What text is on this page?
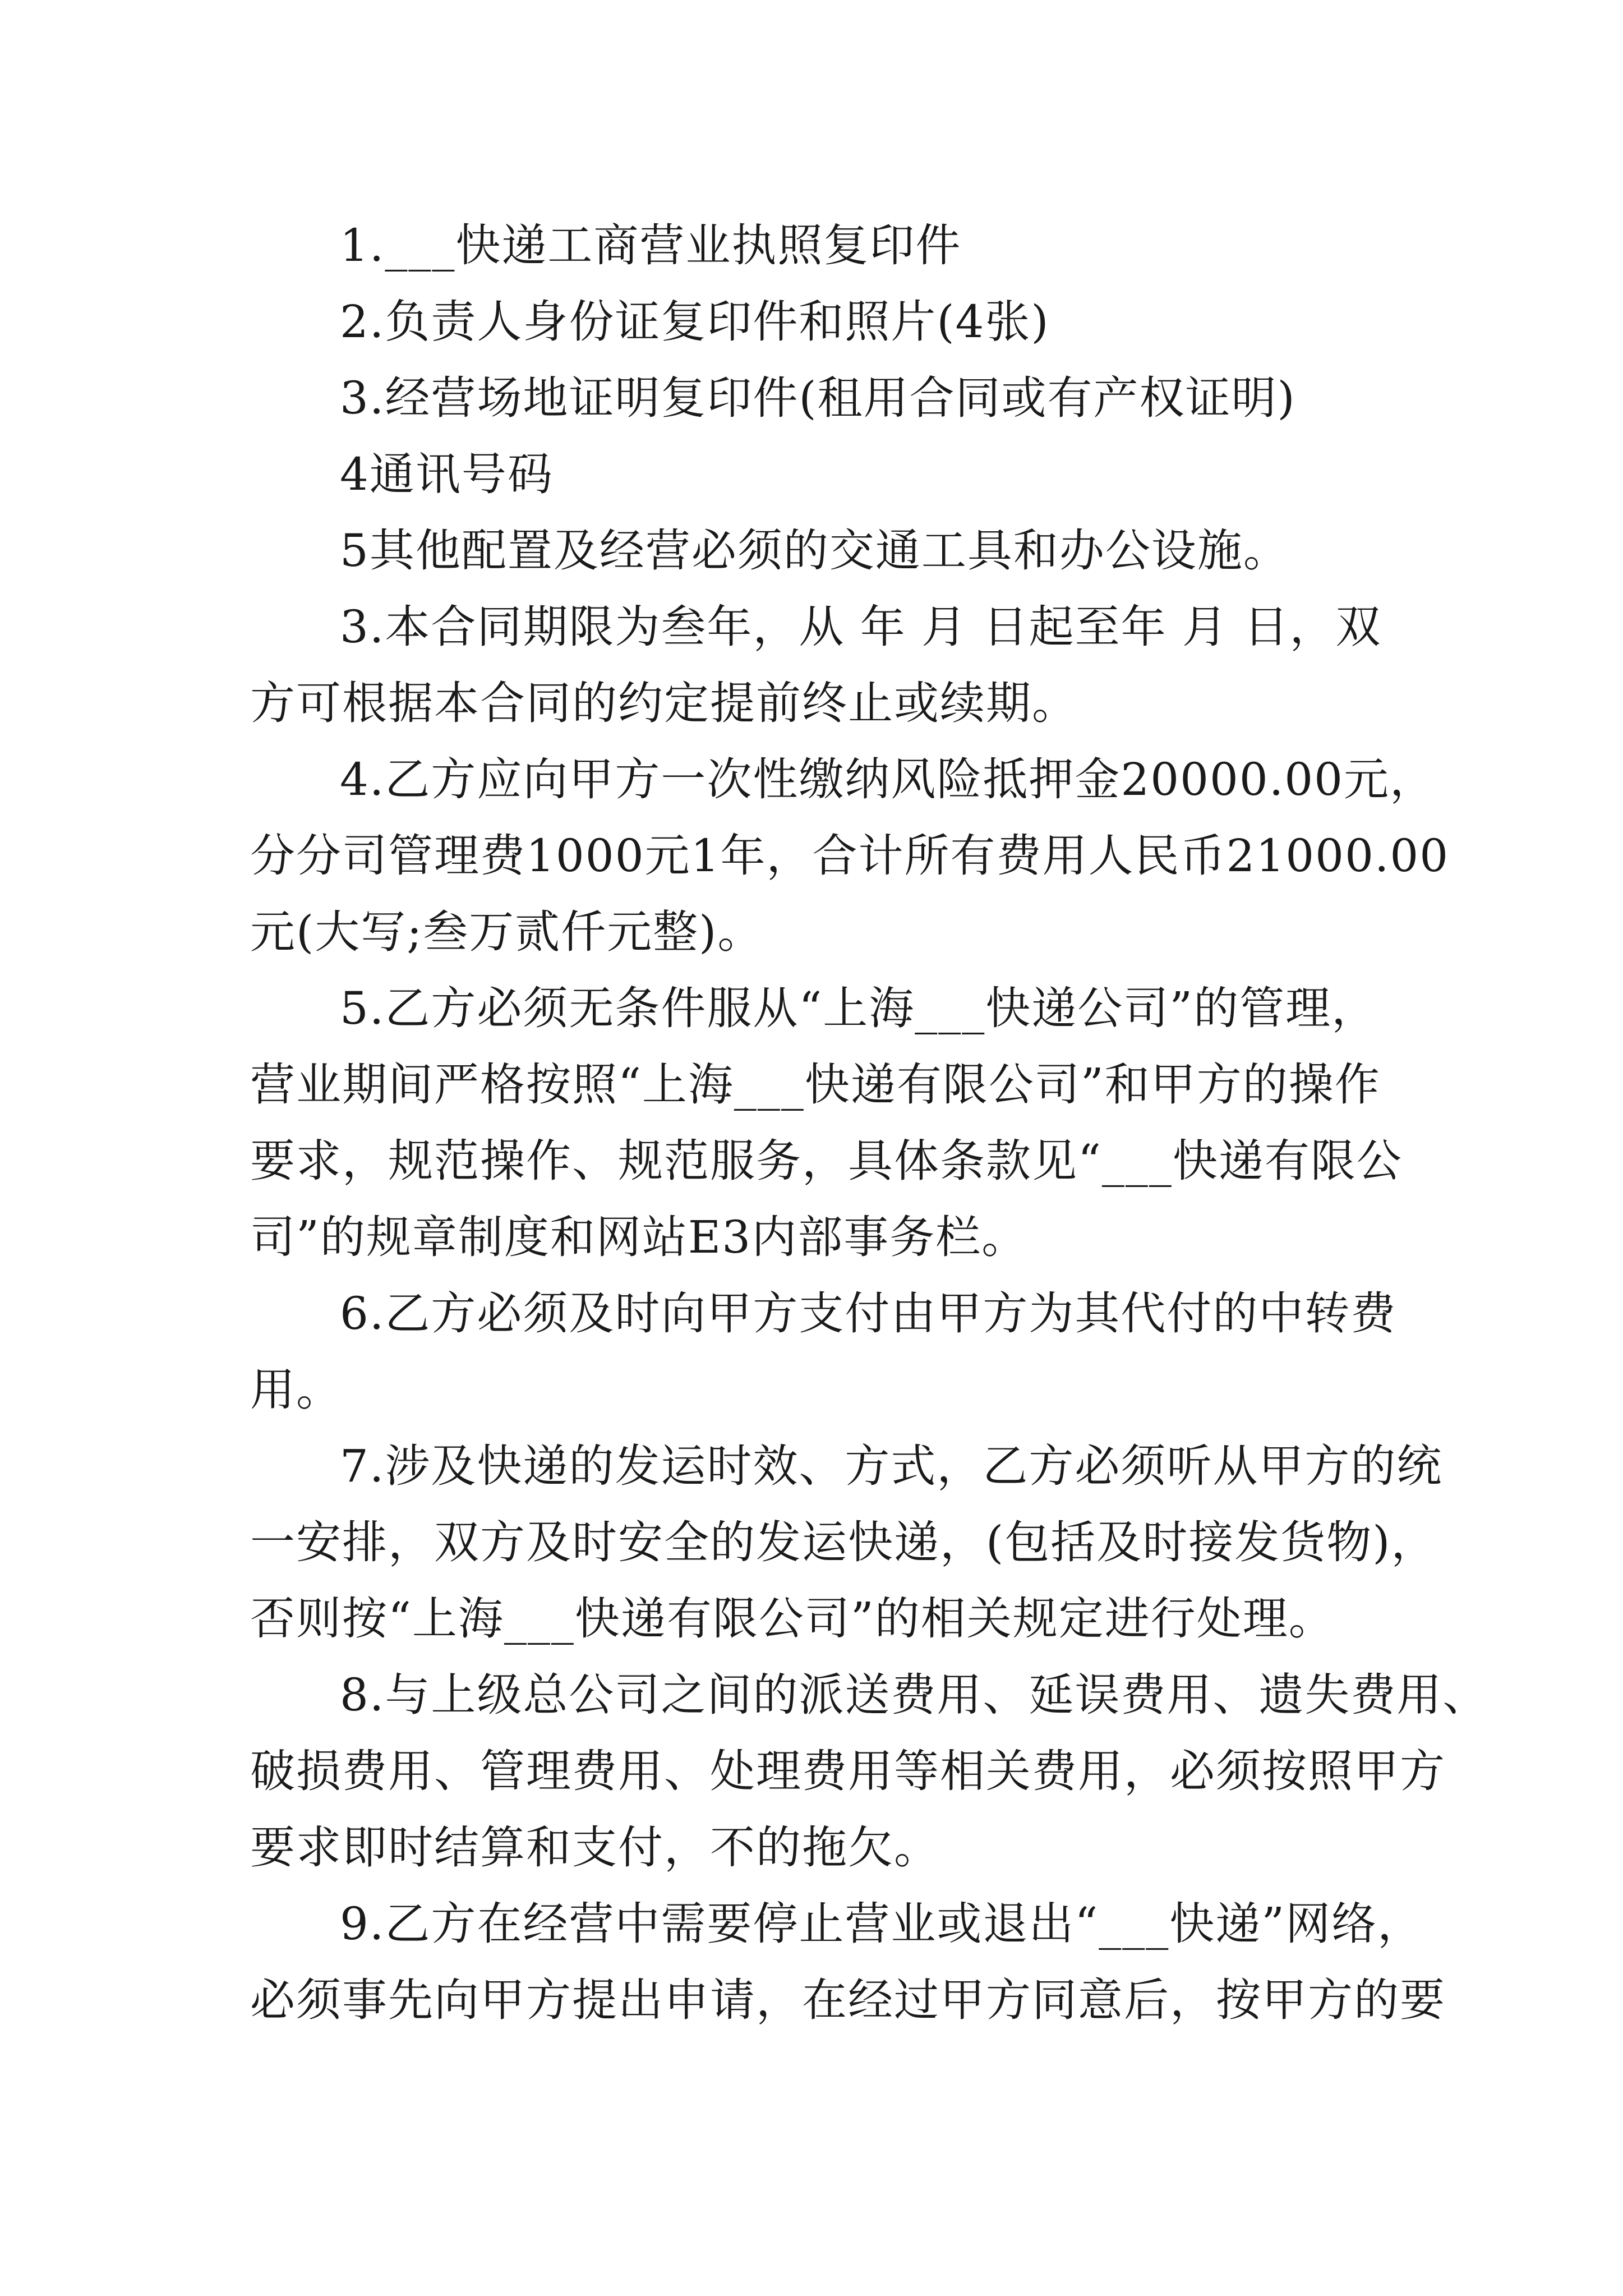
1.___快递工商营业执照复印件
2.负责人身份证复印件和照片(4张)
3.经营场地证明复印件(租用合同或有产权证明)
4通讯号码
5其他配置及经营必须的交通工具和办公设施。
3.本合同期限为叁年，从 年 月 日起至年 月 日，双
方可根据本合同的约定提前终止或续期。
4.乙方应向甲方一次性缴纳风险抵押金20000.00元，
分分司管理费1000元1年，合计所有费用人民币21000.00
元(大写;叁万贰仟元整)。
5.乙方必须无条件服从“上海___快递公司”的管理，
营业期间严格按照“上海___快递有限公司”和甲方的操作
要求，规范操作、规范服务，具体条款见“___快递有限公
司”的规章制度和网站E3内部事务栏。
6.乙方必须及时向甲方支付由甲方为其代付的中转费
用。
7.涉及快递的发运时效、方式，乙方必须听从甲方的统
一安排，双方及时安全的发运快递，(包括及时接发货物)，
否则按“上海___快递有限公司”的相关规定进行处理。
8.与上级总公司之间的派送费用、延误费用、遗失费用、
破损费用、管理费用、处理费用等相关费用，必须按照甲方
要求即时结算和支付，不的拖欠。
9.乙方在经营中需要停止营业或退出“___快递”网络，
必须事先向甲方提出申请，在经过甲方同意后，按甲方的要
